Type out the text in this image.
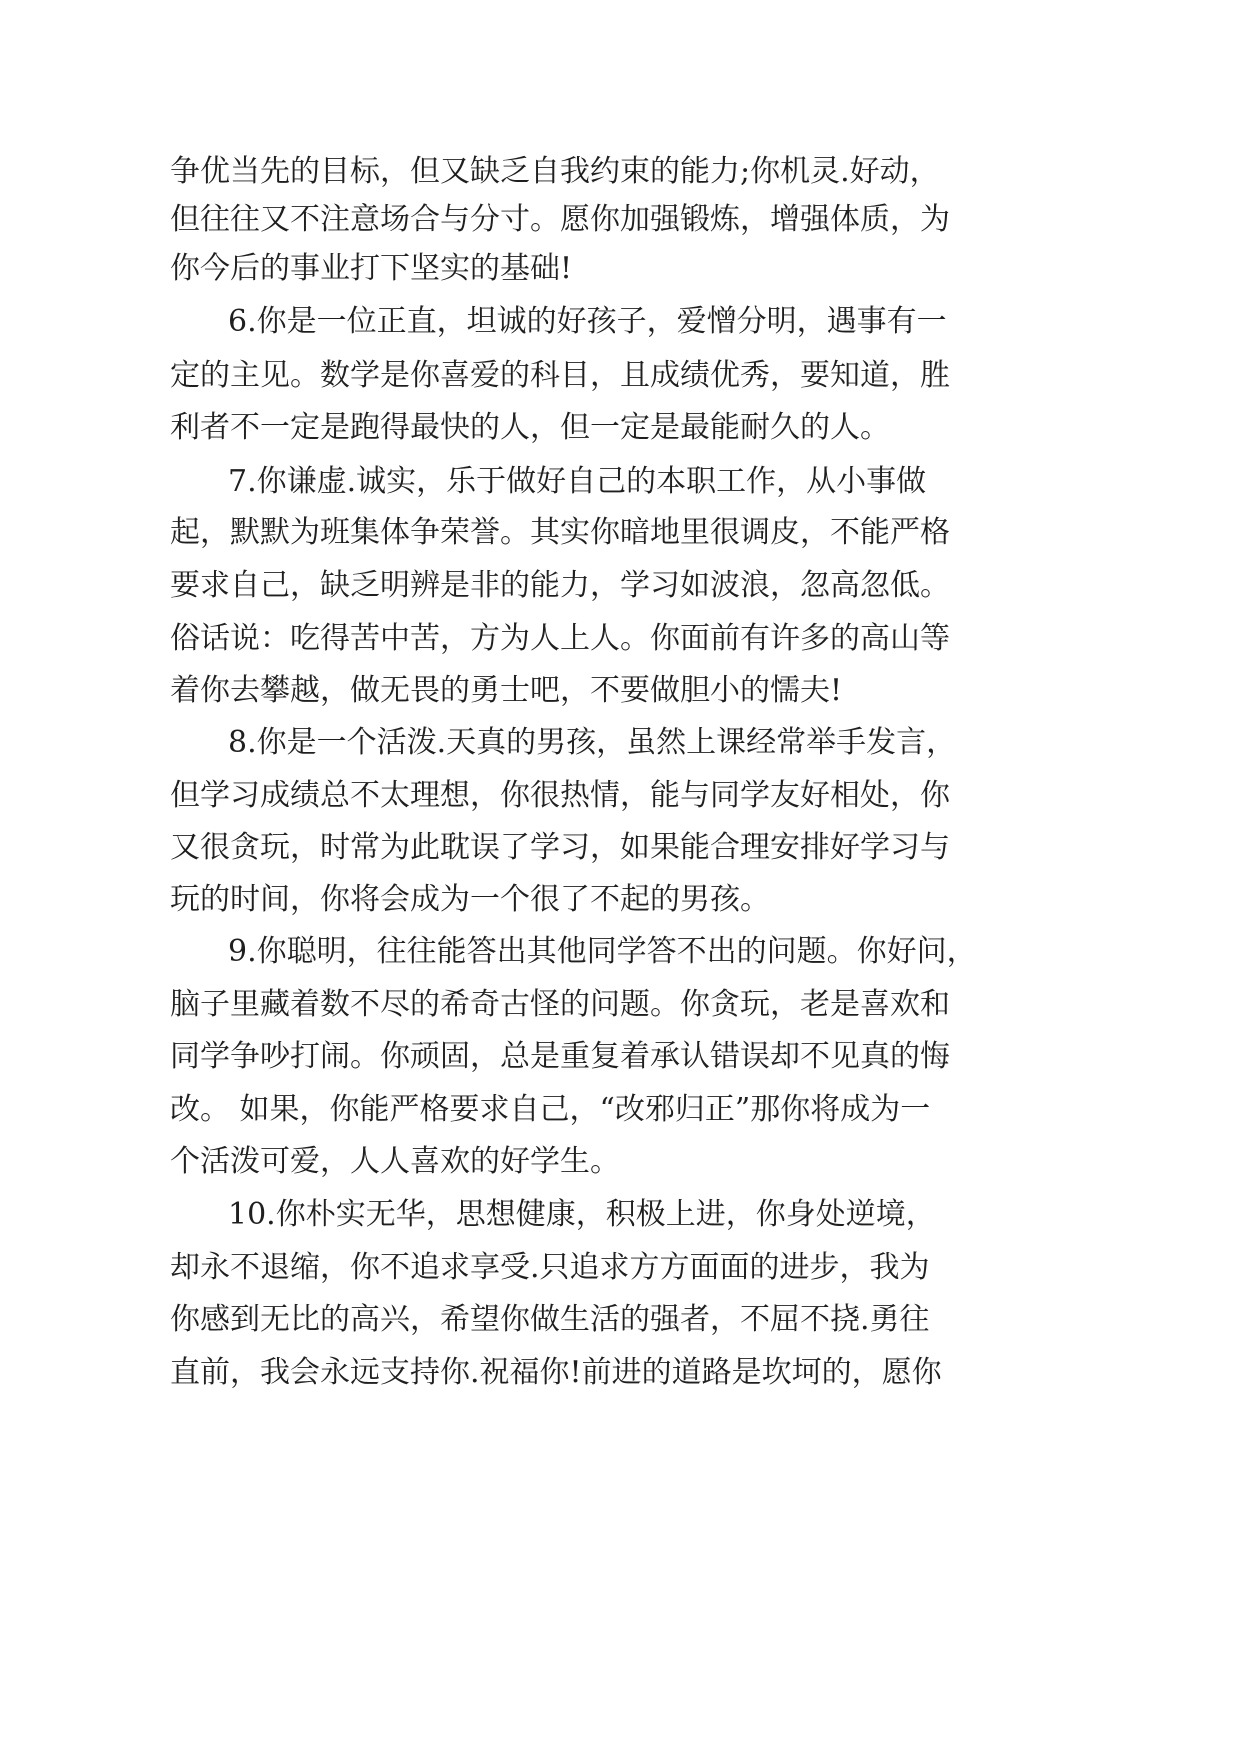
争优当先的目标，但又缺乏自我约束的能力;你机灵.好动，

但往往又不注意场合与分寸。愿你加强锻炼，增强体质，为

你今后的事业打下坚实的基础!

6.你是一位正直，坦诚的好孩子，爱憎分明，遇事有一

定的主见。数学是你喜爱的科目，且成绩优秀，要知道，胜

利者不一定是跑得最快的人，但一定是最能耐久的人。

7.你谦虚.诚实，乐于做好自己的本职工作，从小事做

起，默默为班集体争荣誉。其实你暗地里很调皮，不能严格

要求自己，缺乏明辨是非的能力，学习如波浪，忽高忽低。

俗话说：吃得苦中苦，方为人上人。你面前有许多的高山等

着你去攀越，做无畏的勇士吧，不要做胆小的懦夫!

8.你是一个活泼.天真的男孩，虽然上课经常举手发言，

但学习成绩总不太理想，你很热情，能与同学友好相处，你

又很贪玩，时常为此耽误了学习，如果能合理安排好学习与

玩的时间，你将会成为一个很了不起的男孩。

9.你聪明，往往能答出其他同学答不出的问题。你好问，

脑子里藏着数不尽的希奇古怪的问题。你贪玩，老是喜欢和

同学争吵打闹。你顽固，总是重复着承认错误却不见真的悔

改。 如果，你能严格要求自己，“改邪归正”那你将成为一

个活泼可爱，人人喜欢的好学生。

10.你朴实无华，思想健康，积极上进，你身处逆境，

却永不退缩，你不追求享受.只追求方方面面的进步，我为

你感到无比的高兴，希望你做生活的强者，不屈不挠.勇往

直前，我会永远支持你.祝福你!前进的道路是坎坷的，愿你
